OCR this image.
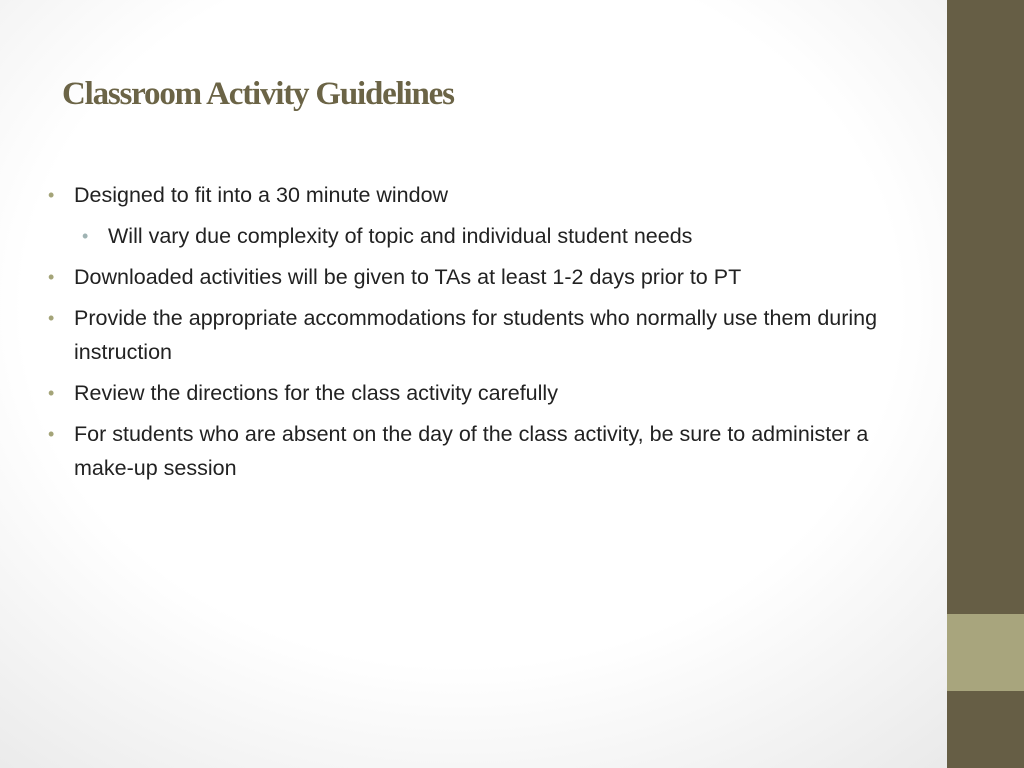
Classroom Activity Guidelines
• Designed to fit into a 30 minute window
• Will vary due complexity of topic and individual student needs
• Downloaded activities will be given to TAs at least 1-2 days prior to PT
• Provide the appropriate accommodations for students who normally use them during instruction
• Review the directions for the class activity carefully
• For students who are absent on the day of the class activity, be sure to administer a make-up session
